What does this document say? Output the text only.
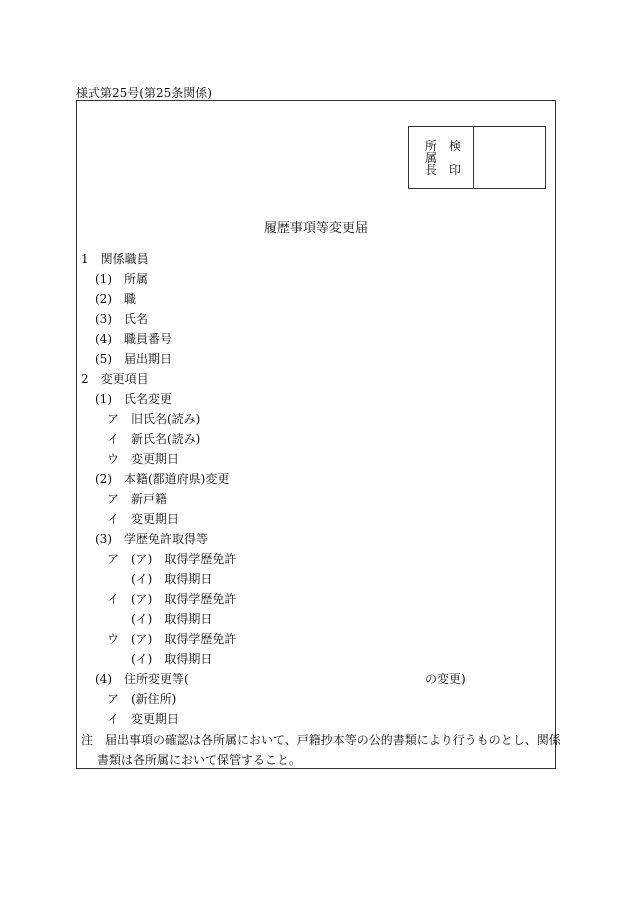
様式第25号(第25条関係)
所 検
属
長 印
履歴事項等変更届
1　関係職員
(1)　所属
(2)　職
(3)　氏名
(4)　職員番号
(5)　届出期日
2　変更項目
(1)　氏名変更
ア　旧氏名(読み)
イ　新氏名(読み)
ウ　変更期日
(2)　本籍(都道府県)変更
ア　新戸籍
イ　変更期日
(3)　学歴免許取得等
ア　(ア)　取得学歴免許
(イ)　取得期日
イ　(ア)　取得学歴免許
(イ)　取得期日
ウ　(ア)　取得学歴免許
(イ)　取得期日
(4)　住所変更等(	の変更)
ア　(新住所)
イ　変更期日
注　届出事項の確認は各所属において、戸籍抄本等の公的書類により行うものとし、関係
書類は各所属において保管すること。
